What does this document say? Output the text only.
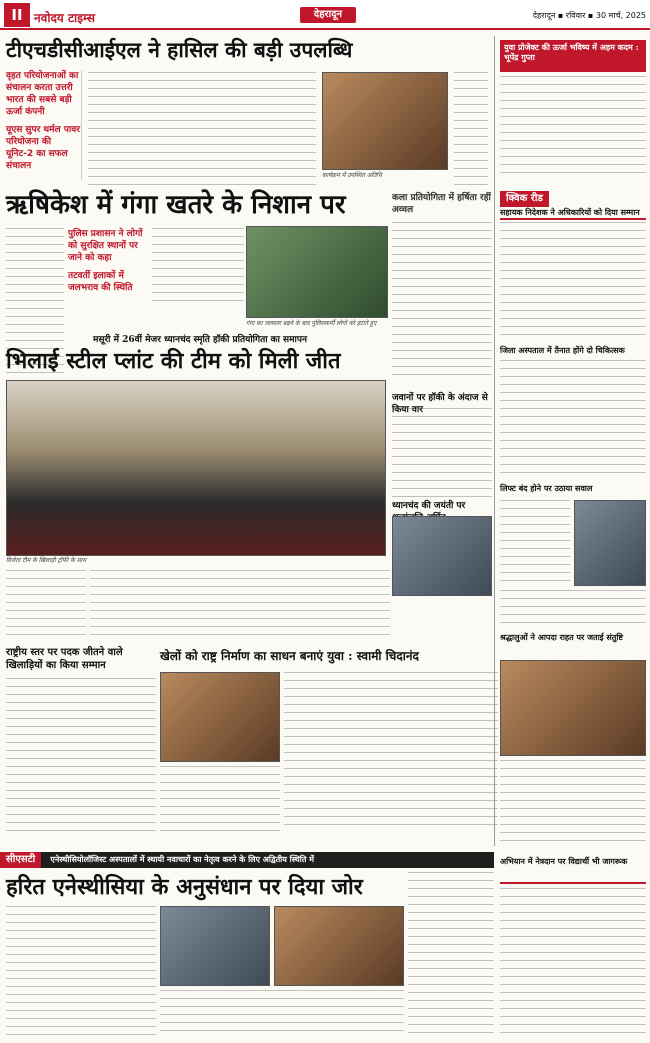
II नवोदय टाइम्स	देहरादून	देहरादून ▪ रविवार ▪ 30 मार्च, 2025
टीएचडीसीआईएल ने हासिल की बड़ी उपलब्धि
वृहत परियोजनाओं का संचालन करता उत्तरी भारत की सबसे बड़ी ऊर्जा कंपनी
यूएस सुपर थर्मल पावर परियोजना की यूनिट-2 का सफल संचालन
कार्यक्रम में उपस्थित अतिथि
ऋषिकेश में गंगा खतरे के निशान पर
पुलिस प्रशासन ने लोगों को सुरक्षित स्थानों पर जाने को कहा
तटवर्ती इलाकों में जलभराव की स्थिति
गंगा का जलस्तर बढ़ने के बाद पुलिसकर्मी लोगों को हटाते हुए
कला प्रतियोगिता में हर्षिता रहीं अव्वल
मसूरी में 26वीं मेजर ध्यानचंद स्मृति हॉकी प्रतियोगिता का समापन
भिलाई स्टील प्लांट की टीम को मिली जीत
विजेता टीम के खिलाड़ी ट्रॉफी के साथ
जवानों पर हॉकी के अंदाज से किया वार
ध्यानचंद की जयंती पर
राष्ट्रीय स्तर पर पदक जीतने वाले खिलाड़ियों का किया सम्मान
खेलों को राष्ट्र निर्माण का साधन बनाएं युवा : स्वामी चिदानंद
युवा प्रोजेक्ट की ऊर्जा भविष्य में अहम कदम : भूपेंद्र गुप्ता
क्विक रीड
सहायक निदेशक ने अधिकारियों को दिया सम्मान
जिला अस्पताल में तैनात होंगे दो चिकित्सक
लिफ्ट बंद होने पर उठाया सवाल
श्रद्धालुओं ने आपदा राहत पर जताई संतुष्टि
सीएसटी एनेस्थीसियोलॉजिस्ट अस्पतालों में स्थायी नवाचारों का नेतृत्व करने के लिए अद्वितीय स्थिति में
हरित एनेस्थीसिया के अनुसंधान पर दिया जोर
अभियान में नेत्रदान पर विद्यार्थी भी जागरूक
